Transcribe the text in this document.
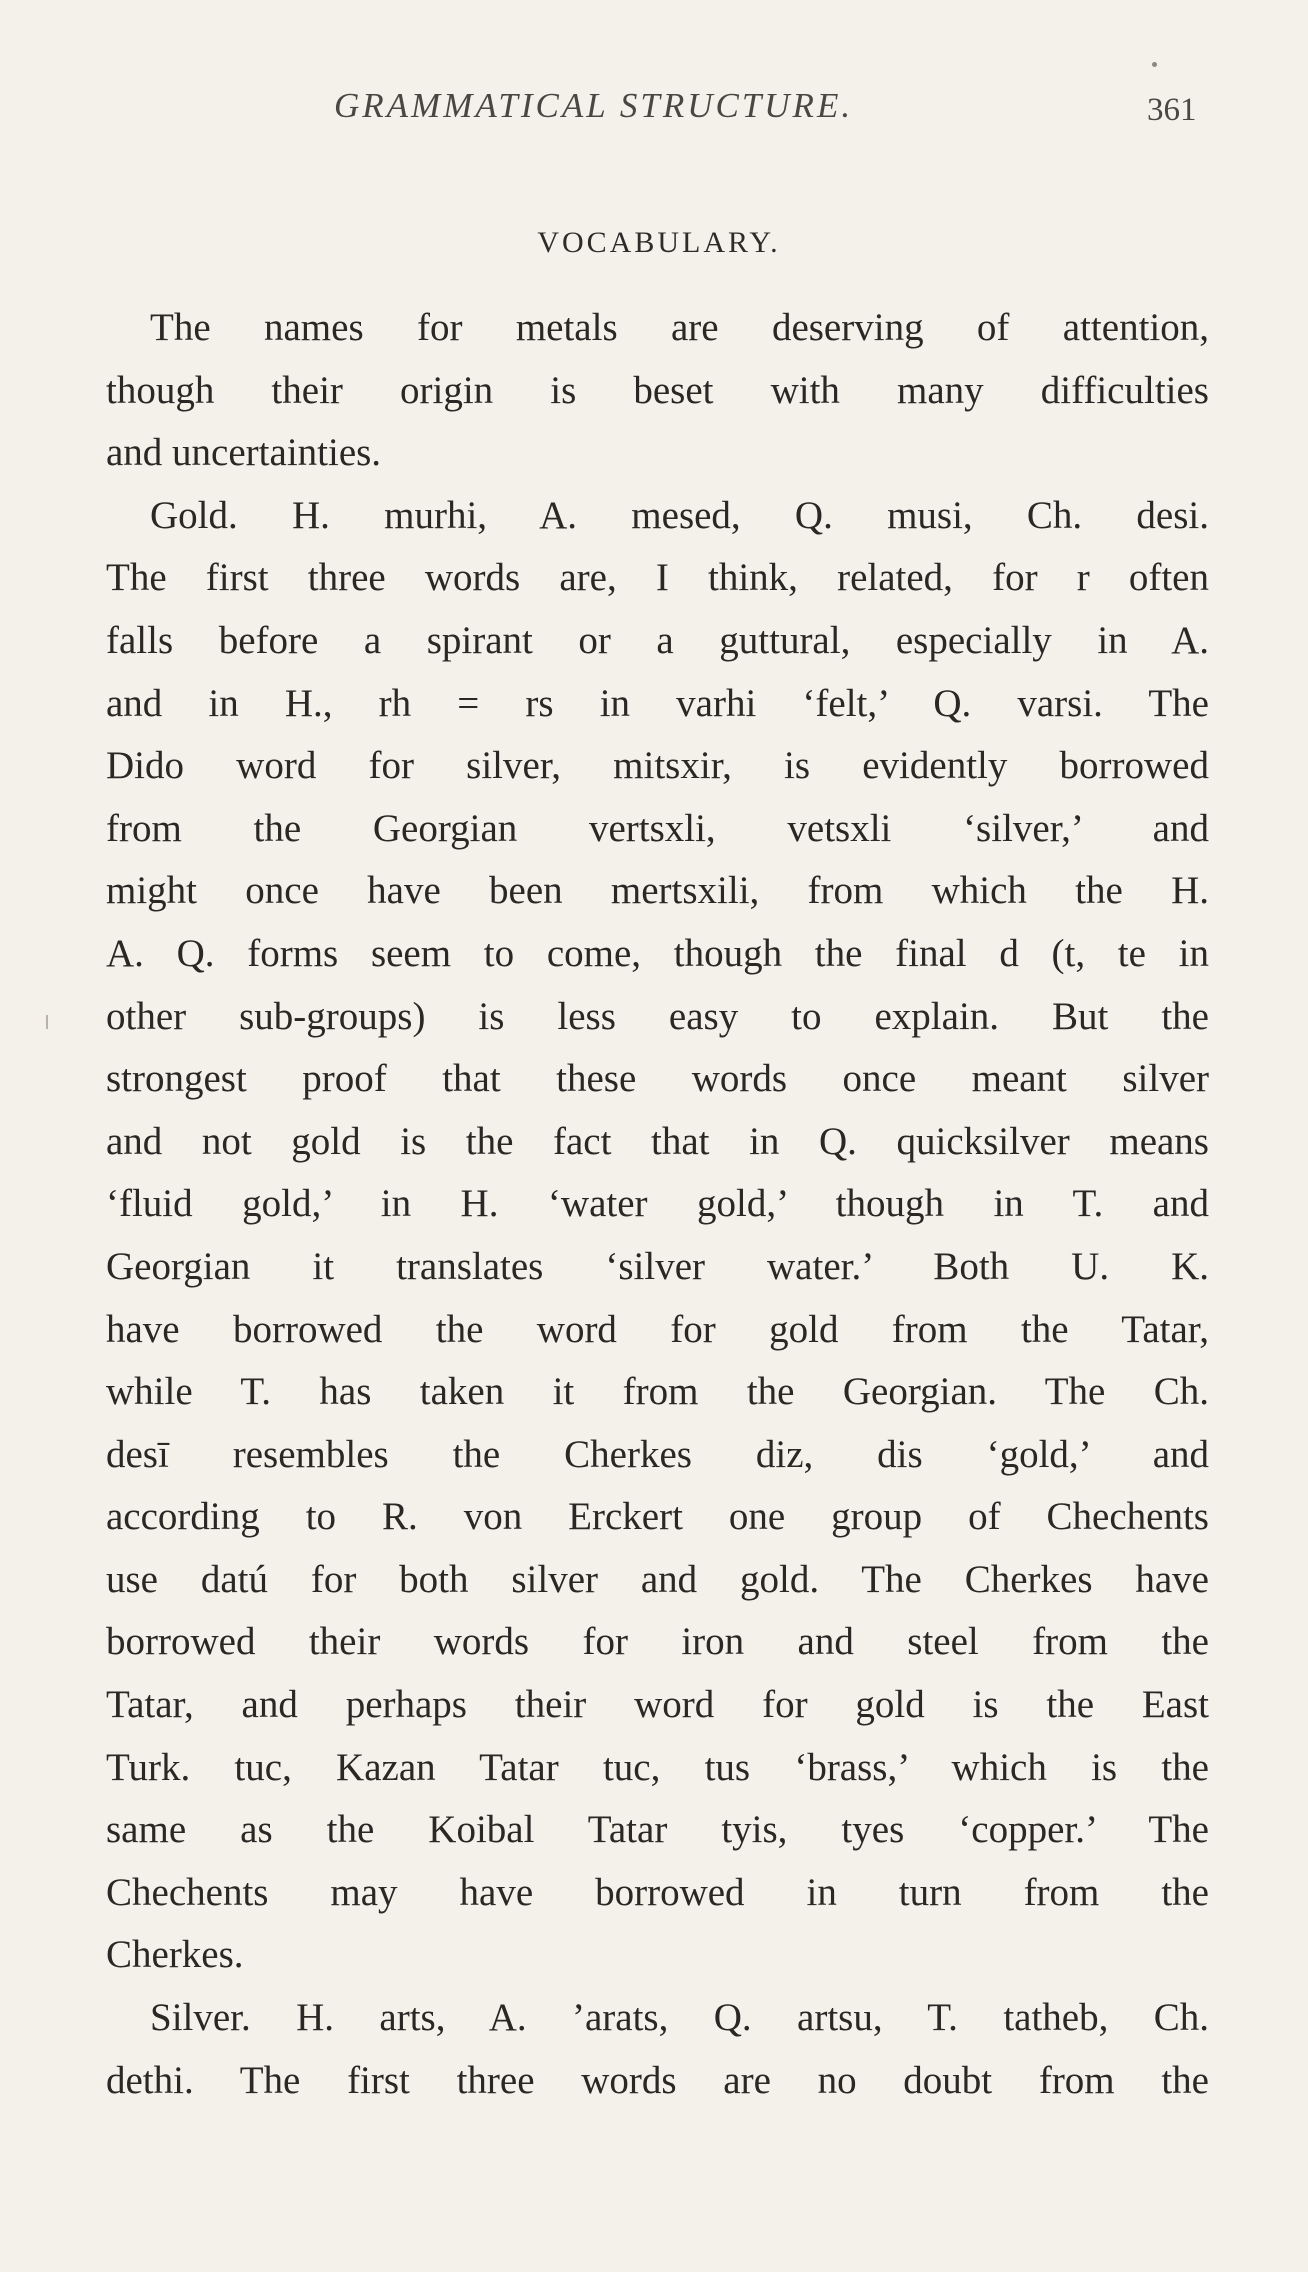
GRAMMATICAL STRUCTURE.	361
VOCABULARY.
The names for metals are deserving of attention,
though their origin is beset with many difficulties
and uncertainties.
Gold. H. murhi, A. mesed, Q. musi, Ch. desi.
The first three words are, I think, related, for r often
falls before a spirant or a guttural, especially in A.
and in H., rh = rs in varhi ‘felt,’ Q. varsi. The
Dido word for silver, mitsxir, is evidently borrowed
from the Georgian vertsxli, vetsxli ‘silver,’ and
might once have been mertsxili, from which the H.
A. Q. forms seem to come, though the final d (t, te in
other sub-groups) is less easy to explain. But the
strongest proof that these words once meant silver
and not gold is the fact that in Q. quicksilver means
‘fluid gold,’ in H. ‘water gold,’ though in T. and
Georgian it translates ‘silver water.’ Both U. K.
have borrowed the word for gold from the Tatar,
while T. has taken it from the Georgian. The Ch.
desī resembles the Cherkes diz, dis ‘gold,’ and
according to R. von Erckert one group of Chechents
use datú for both silver and gold. The Cherkes have
borrowed their words for iron and steel from the
Tatar, and perhaps their word for gold is the East
Turk. tuc, Kazan Tatar tuc, tus ‘brass,’ which is the
same as the Koibal Tatar tyis, tyes ‘copper.’ The
Chechents may have borrowed in turn from the
Cherkes.
Silver. H. arts, A. ’arats, Q. artsu, T. tatheb, Ch.
dethi. The first three words are no doubt from the
